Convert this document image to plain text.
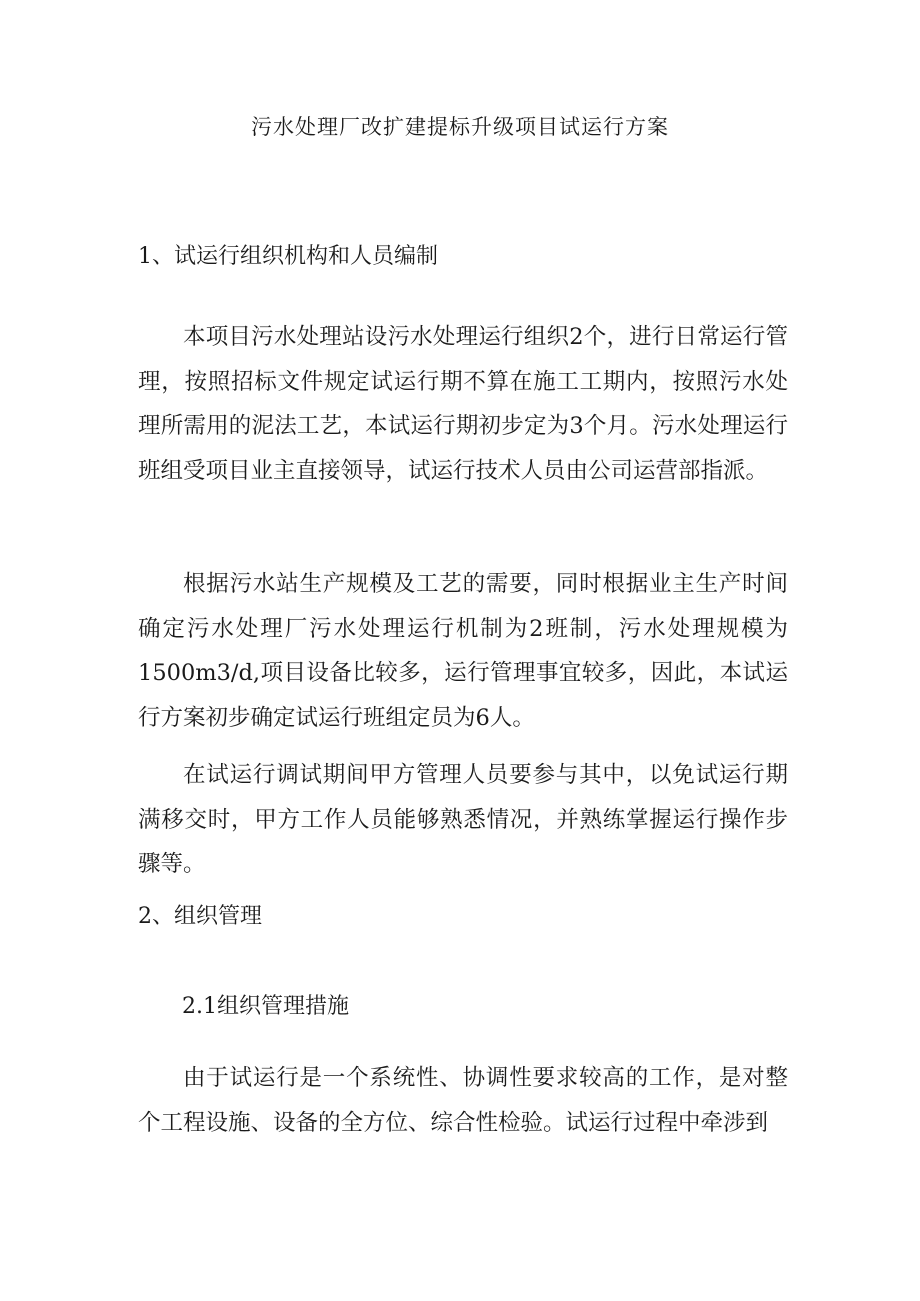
污水处理厂改扩建提标升级项目试运行方案
1、试运行组织机构和人员编制

本项目污水处理站设污水处理运行组织2个，进行日常运行管理，按照招标文件规定试运行期不算在施工工期内，按照污水处理所需用的泥法工艺，本试运行期初步定为3个月。污水处理运行班组受项目业主直接领导，试运行技术人员由公司运营部指派。

根据污水站生产规模及工艺的需要，同时根据业主生产时间确定污水处理厂污水处理运行机制为2班制，污水处理规模为1500m3∕d,项目设备比较多，运行管理事宜较多，因此，本试运行方案初步确定试运行班组定员为6人。

在试运行调试期间甲方管理人员要参与其中，以免试运行期满移交时，甲方工作人员能够熟悉情况，并熟练掌握运行操作步骤等。

2、组织管理
2.1组织管理措施

由于试运行是一个系统性、协调性要求较高的工作，是对整个工程设施、设备的全方位、综合性检验。试运行过程中牵涉到
